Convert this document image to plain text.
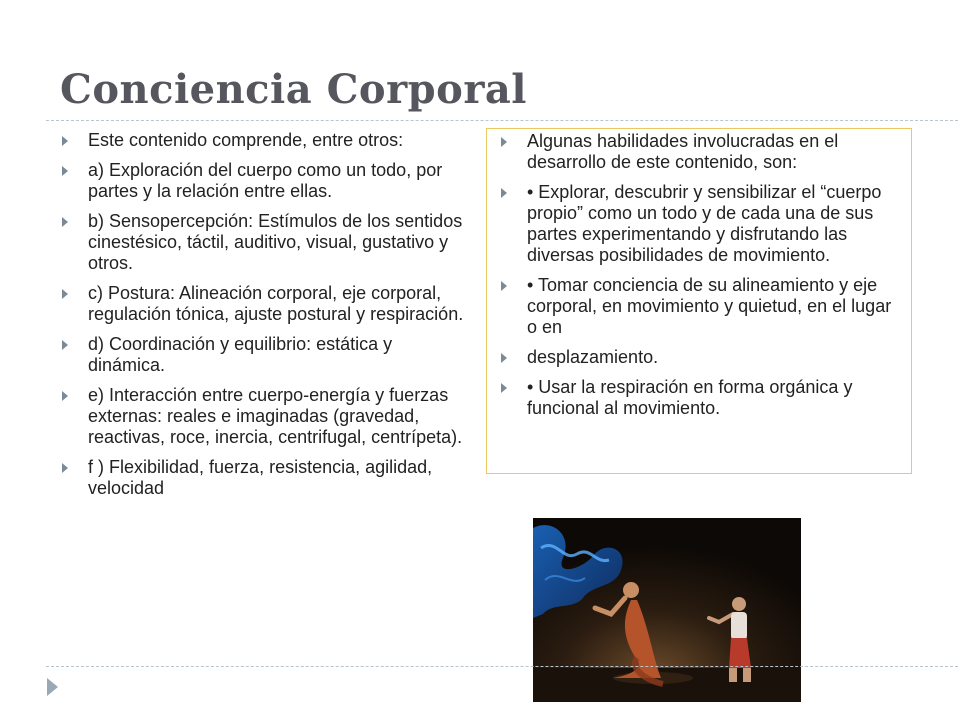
Conciencia Corporal
Este contenido comprende, entre otros:
a) Exploración del cuerpo como un todo, por partes y la relación entre ellas.
b) Sensopercepción: Estímulos de los sentidos cinestésico, táctil, auditivo, visual, gustativo y otros.
c) Postura: Alineación corporal, eje corporal, regulación tónica, ajuste postural y respiración.
d) Coordinación y equilibrio: estática y dinámica.
e) Interacción entre cuerpo-energía y fuerzas externas: reales e imaginadas (gravedad, reactivas, roce, inercia, centrifugal, centrípeta).
f ) Flexibilidad, fuerza, resistencia, agilidad, velocidad
Algunas habilidades involucradas en el desarrollo de este contenido, son:
• Explorar, descubrir y sensibilizar el “cuerpo propio” como un todo y de cada una de sus partes experimentando y disfrutando las diversas posibilidades de movimiento.
• Tomar conciencia de su alineamiento y eje corporal, en movimiento y quietud, en el lugar o en
desplazamiento.
• Usar la respiración en forma orgánica y funcional al movimiento.
